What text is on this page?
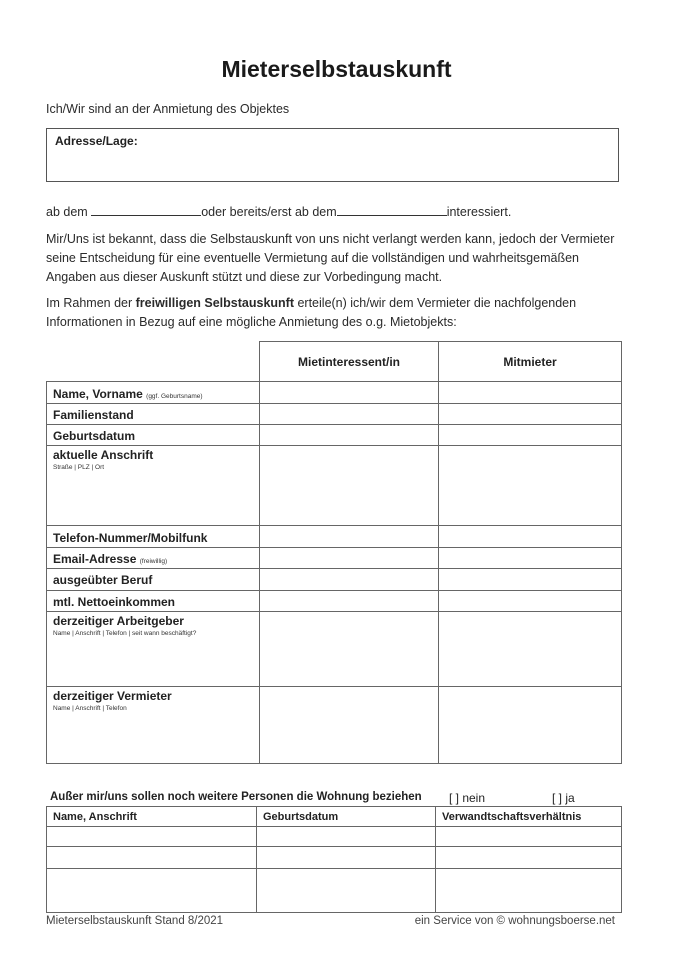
Mieterselbstauskunft
Ich/Wir sind an der Anmietung des Objektes
Adresse/Lage:
ab dem	oder bereits/erst ab dem	interessiert.
Mir/Uns ist bekannt, dass die Selbstauskunft von uns nicht verlangt werden kann, jedoch der Vermieter seine Entscheidung für eine eventuelle Vermietung auf die vollständigen und wahrheitsgemäßen Angaben aus dieser Auskunft stützt und diese zur Vorbedingung macht.
Im Rahmen der freiwilligen Selbstauskunft erteile(n) ich/wir dem Vermieter die nachfolgenden Informationen in Bezug auf eine mögliche Anmietung des o.g. Mietobjekts:
	Mietinteressent/in	Mitmieter
Name, Vorname (ggf. Geburtsname)		
Familienstand		
Geburtsdatum		
aktuelle Anschrift
Straße | PLZ | Ort		

Telefon-Nummer/Mobilfunk		
Email-Adresse (freiwillig)		
ausgeübter Beruf		
mtl. Nettoeinkommen		
derzeitiger Arbeitgeber
Name | Anschrift | Telefon | seit wann beschäftigt?		

derzeitiger Vermieter
Name | Anschrift | Telefon		

Außer mir/uns sollen noch weitere Personen die Wohnung beziehen [ ] nein	[ ] ja
Name, Anschrift	Geburtsdatum	Verwandtschaftsverhältnis

Mieterselbstauskunft Stand 8/2021	ein Service von © wohnungsboerse.net
